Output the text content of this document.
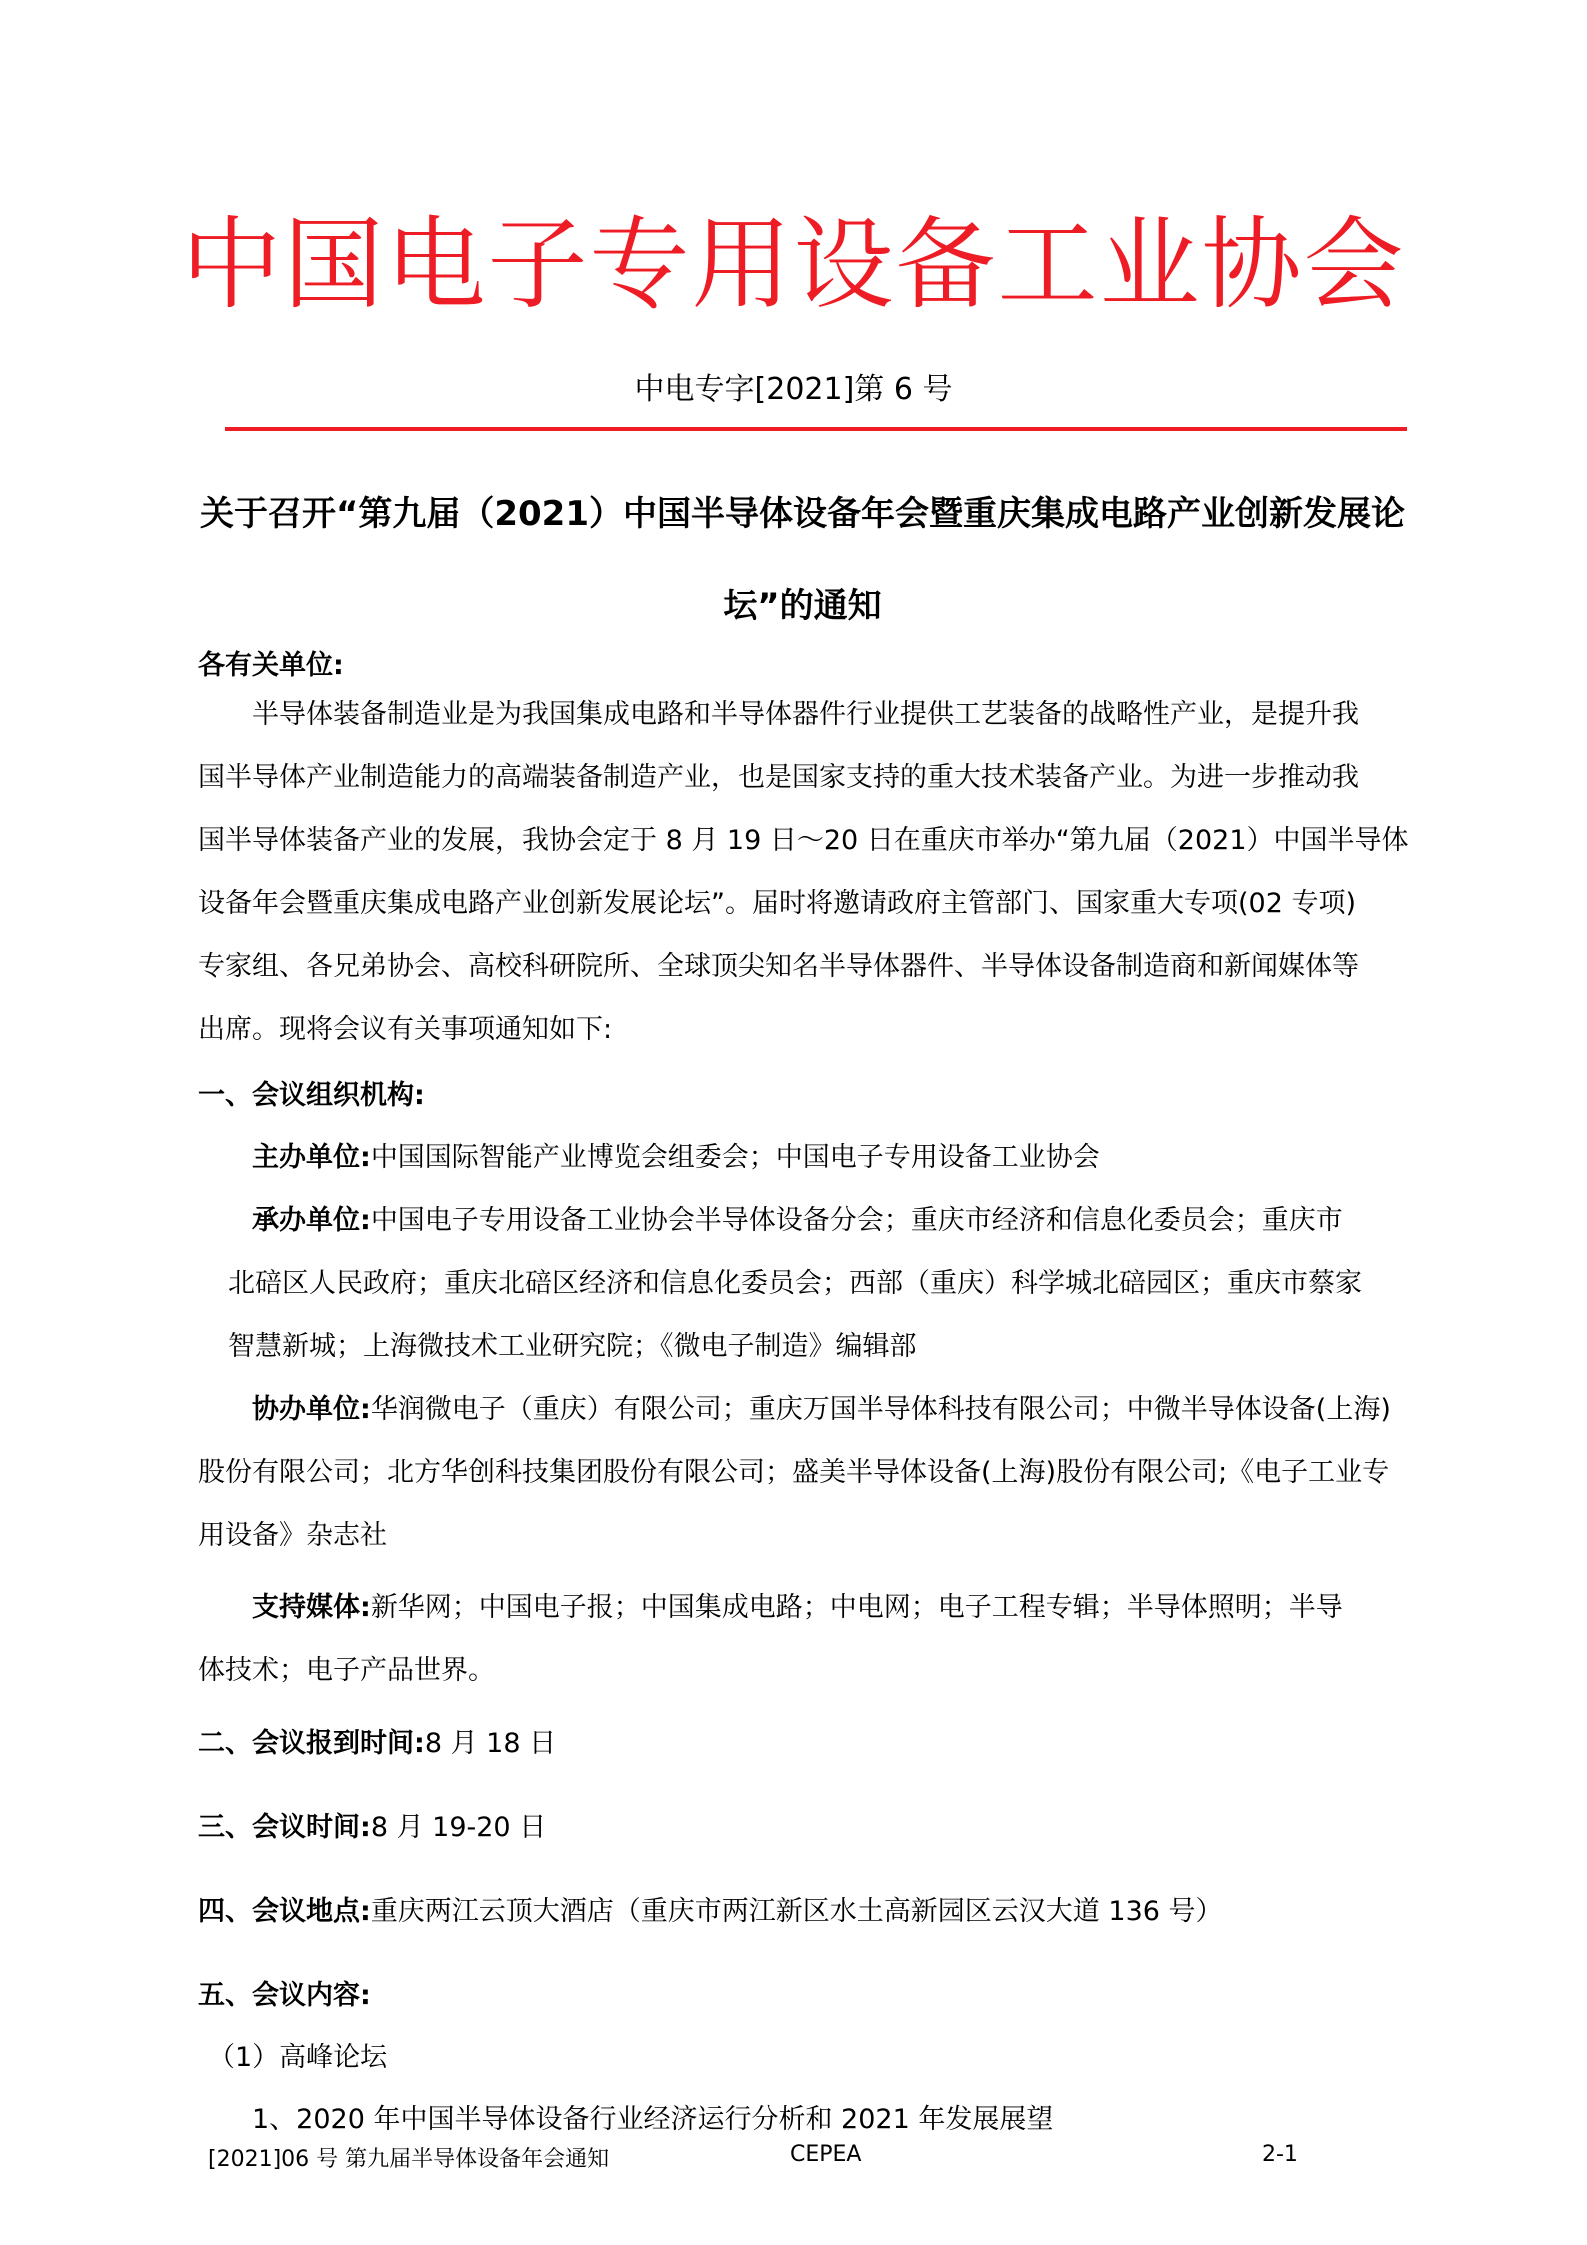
中国电子专用设备工业协会
中电专字[2021]第 6 号
关于召开“第九届（2021）中国半导体设备年会暨重庆集成电路产业创新发展论坛”的通知
各有关单位:
半导体装备制造业是为我国集成电路和半导体器件行业提供工艺装备的战略性产业，是提升我
国半导体产业制造能力的高端装备制造产业，也是国家支持的重大技术装备产业。为进一步推动我
国半导体装备产业的发展，我协会定于 8 月 19 日～20 日在重庆市举办“第九届（2021）中国半导体
设备年会暨重庆集成电路产业创新发展论坛”。届时将邀请政府主管部门、国家重大专项(02 专项)
专家组、各兄弟协会、高校科研院所、全球顶尖知名半导体器件、半导体设备制造商和新闻媒体等
出席。现将会议有关事项通知如下:
一、会议组织机构:
主办单位:中国国际智能产业博览会组委会；中国电子专用设备工业协会
承办单位:中国电子专用设备工业协会半导体设备分会；重庆市经济和信息化委员会；重庆市
北碚区人民政府；重庆北碚区经济和信息化委员会；西部（重庆）科学城北碚园区；重庆市蔡家
智慧新城；上海微技术工业研究院；《微电子制造》编辑部
协办单位:华润微电子（重庆）有限公司；重庆万国半导体科技有限公司；中微半导体设备(上海)
股份有限公司；北方华创科技集团股份有限公司；盛美半导体设备(上海)股份有限公司;《电子工业专
用设备》杂志社
支持媒体:新华网；中国电子报；中国集成电路；中电网；电子工程专辑；半导体照明；半导
体技术；电子产品世界。
二、会议报到时间:8 月 18 日
三、会议时间:8 月 19-20 日
四、会议地点:重庆两江云顶大酒店（重庆市两江新区水土高新园区云汉大道 136 号）
五、会议内容:
（1）高峰论坛
1、2020 年中国半导体设备行业经济运行分析和 2021 年发展展望
[2021]06 号 第九届半导体设备年会通知	CEPEA	2-1
